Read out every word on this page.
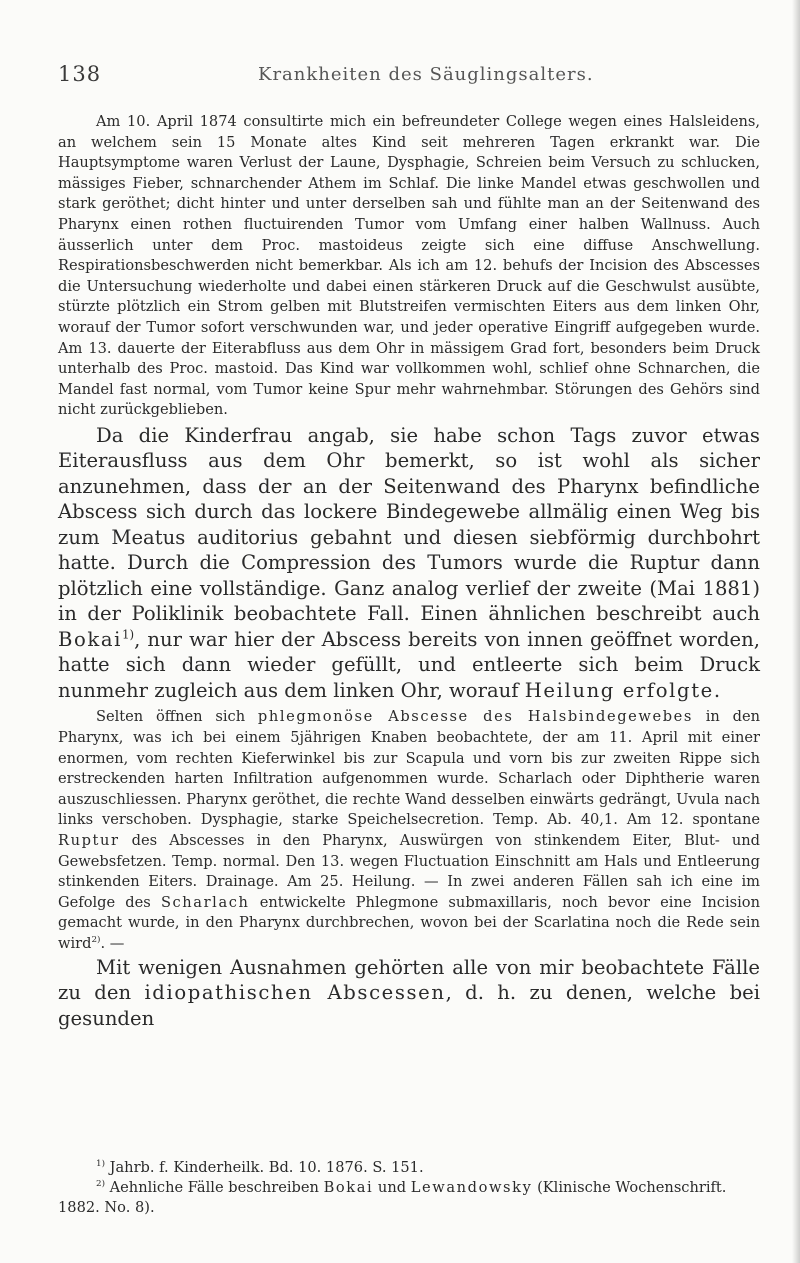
138	Krankheiten des Säuglingsalters.

Am 10. April 1874 consultirte mich ein befreundeter College wegen eines Halsleidens, an welchem sein 15 Monate altes Kind seit mehreren Tagen erkrankt war. Die Hauptsymptome waren Verlust der Laune, Dysphagie, Schreien beim Versuch zu schlucken, mässiges Fieber, schnarchender Athem im Schlaf. Die linke Mandel etwas geschwollen und stark geröthet; dicht hinter und unter derselben sah und fühlte man an der Seitenwand des Pharynx einen rothen fluctuirenden Tumor vom Umfang einer halben Wallnuss. Auch äusserlich unter dem Proc. mastoideus zeigte sich eine diffuse Anschwellung. Respirationsbeschwerden nicht bemerkbar. Als ich am 12. behufs der Incision des Abscesses die Untersuchung wiederholte und dabei einen stärkeren Druck auf die Geschwulst ausübte, stürzte plötzlich ein Strom gelben mit Blutstreifen vermischten Eiters aus dem linken Ohr, worauf der Tumor sofort verschwunden war, und jeder operative Eingriff aufgegeben wurde. Am 13. dauerte der Eiterabfluss aus dem Ohr in mässigem Grad fort, besonders beim Druck unterhalb des Proc. mastoid. Das Kind war vollkommen wohl, schlief ohne Schnarchen, die Mandel fast normal, vom Tumor keine Spur mehr wahrnehmbar. Störungen des Gehörs sind nicht zurückgeblieben.

Da die Kinderfrau angab, sie habe schon Tags zuvor etwas Eiterausfluss aus dem Ohr bemerkt, so ist wohl als sicher anzunehmen, dass der an der Seitenwand des Pharynx befindliche Abscess sich durch das lockere Bindegewebe allmälig einen Weg bis zum Meatus auditorius gebahnt und diesen siebförmig durchbohrt hatte. Durch die Compression des Tumors wurde die Ruptur dann plötzlich eine vollständige. Ganz analog verlief der zweite (Mai 1881) in der Poliklinik beobachtete Fall. Einen ähnlichen beschreibt auch Bokai$^{1)}$, nur war hier der Abscess bereits von innen geöffnet worden, hatte sich dann wieder gefüllt, und entleerte sich beim Druck nunmehr zugleich aus dem linken Ohr, worauf Heilung erfolgte.

Selten öffnen sich phlegmonöse Abscesse des Halsbindegewebes in den Pharynx, was ich bei einem 5jährigen Knaben beobachtete, der am 11. April mit einer enormen, vom rechten Kieferwinkel bis zur Scapula und vorn bis zur zweiten Rippe sich erstreckenden harten Infiltration aufgenommen wurde. Scharlach oder Diphtherie waren auszuschliessen. Pharynx geröthet, die rechte Wand desselben einwärts gedrängt, Uvula nach links verschoben. Dysphagie, starke Speichelsecretion. Temp. Ab. 40,1. Am 12. spontane Ruptur des Abscesses in den Pharynx, Auswürgen von stinkendem Eiter, Blut- und Gewebsfetzen. Temp. normal. Den 13. wegen Fluctuation Einschnitt am Hals und Entleerung stinkenden Eiters. Drainage. Am 25. Heilung. — In zwei anderen Fällen sah ich eine im Gefolge des Scharlach entwickelte Phlegmone submaxillaris, noch bevor eine Incision gemacht wurde, in den Pharynx durchbrechen, wovon bei der Scarlatina noch die Rede sein wird$^{2)}$. —

Mit wenigen Ausnahmen gehörten alle von mir beobachtete Fälle zu den idiopathischen Abscessen, d. h. zu denen, welche bei gesunden

$^{1)}$ Jahrb. f. Kinderheilk. Bd. 10. 1876. S. 151.

$^{2)}$ Aehnliche Fälle beschreiben Bokai und Lewandowsky (Klinische Wochenschrift. 1882. No. 8).
